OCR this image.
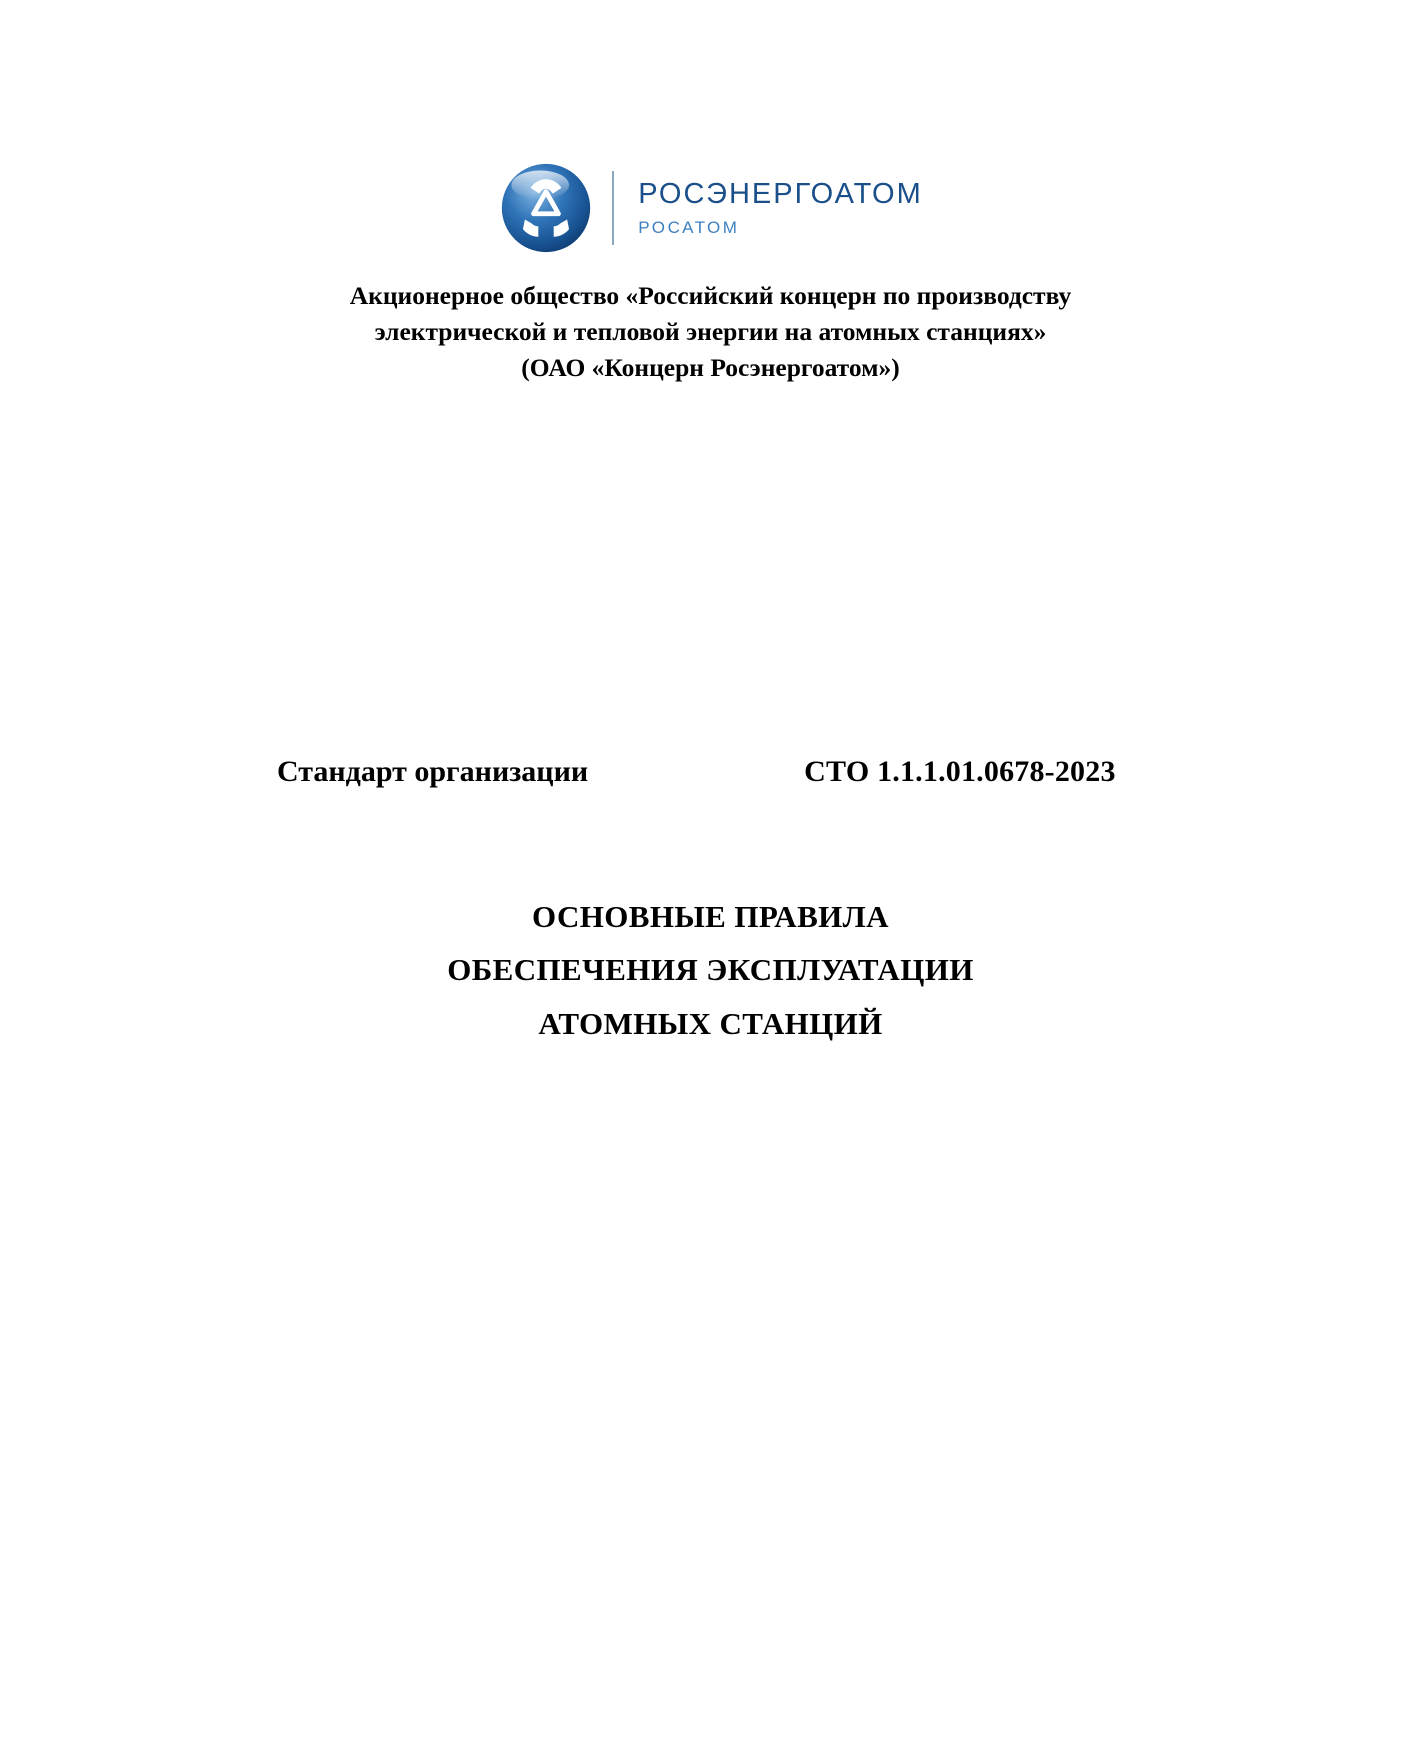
РОСЭНЕРГОАТОМ
РОСАТОМ
Акционерное общество «Российский концерн по производству
электрической и тепловой энергии на атомных станциях»
(ОАО «Концерн Росэнергоатом»)
Стандарт организации	СТО 1.1.1.01.0678-2023
ОСНОВНЫЕ ПРАВИЛА
ОБЕСПЕЧЕНИЯ ЭКСПЛУАТАЦИИ
АТОМНЫХ СТАНЦИЙ
